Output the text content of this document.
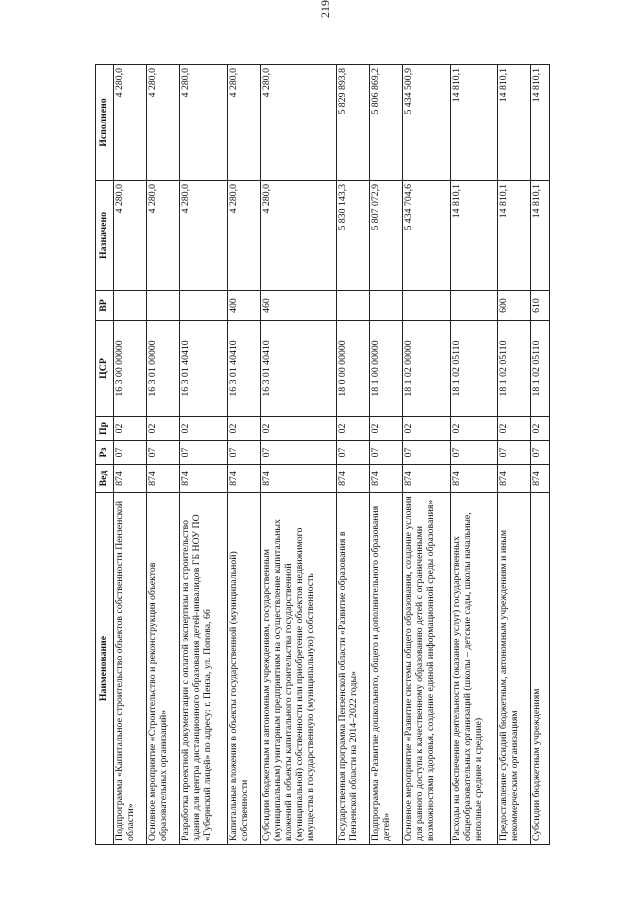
219
Наименование	Вед	Рз	Пр	ЦСР	ВР	Назначено	Исполнено
Подпрограмма «Капитальное строительство объектов собственности Пензенской области»	874	07	02	16 3 00 00000		4 280,0	4 280,0
Основное мероприятие «Строительство и реконструкция объектов образовательных организаций»	874	07	02	16 3 01 00000		4 280,0	4 280,0
Разработка проектной документации с оплатой экспертизы на строительство здания для центра дистанционного образования детей-инвалидов ГБ НОУ ПО «Губернский лицей» по адресу: г. Пенза, ул. Попова, 66	874	07	02	16 3 01 40410		4 280,0	4 280,0
Капитальные вложения в объекты государственной (муниципальной) собственности	874	07	02	16 3 01 40410	400	4 280,0	4 280,0
Субсидии бюджетным и автономным учреждениям, государственным (муниципальным) унитарным предприятиям на осуществление капитальных вложений в объекты капитального строительства государственной (муниципальной) собственности или приобретение объектов недвижимого имущества в государственную (муниципальную) собственность	874	07	02	16 3 01 40410	460	4 280,0	4 280,0
Государственная программа Пензенской области «Развитие образования в Пензенской области на 2014–2022 годы»	874	07	02	18 0 00 00000		5 830 143,3	5 829 893,8
Подпрограмма «Развитие дошкольного, общего и дополнительного образования детей»	874	07	02	18 1 00 00000		5 807 072,9	5 806 869,2
Основное мероприятие «Развитие системы общего образования, создание условия для равного доступа к качественному образованию детей с ограниченными возможностями здоровья, создание единой информационной среды образования»	874	07	02	18 1 02 00000		5 434 704,6	5 434 500,9
Расходы на обеспечение деятельности (оказание услуг) государственных общеобразовательных организаций (школы – детские сады, школы начальные, неполные средние и средние)	874	07	02	18 1 02 05110		14 810,1	14 810,1
Предоставление субсидий бюджетным, автономным учреждениям и иным некоммерческим организациям	874	07	02	18 1 02 05110	600	14 810,1	14 810,1
Субсидии бюджетным учреждениям	874	07	02	18 1 02 05110	610	14 810,1	14 810,1
